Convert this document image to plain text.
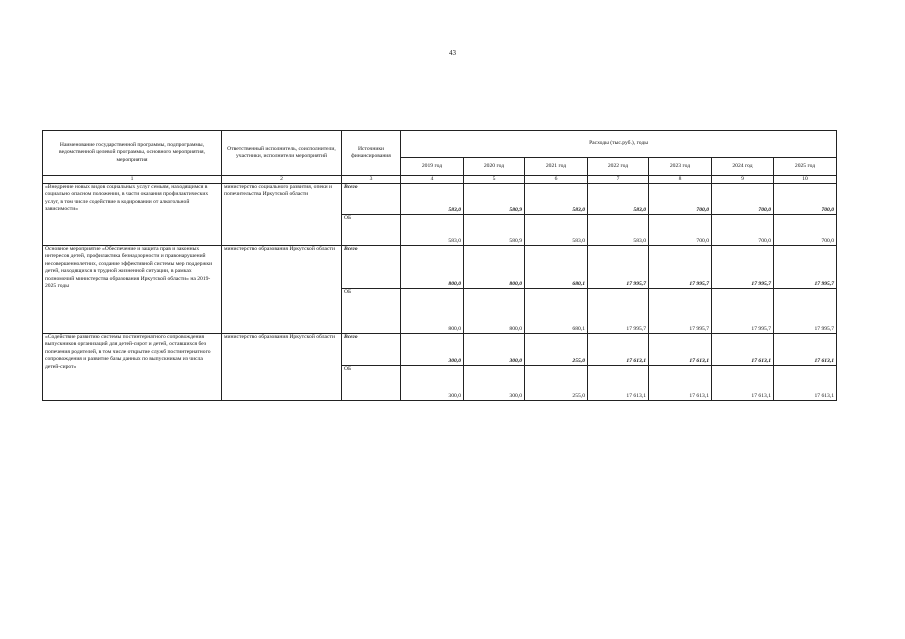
43
Наименование государственной программы, подпрограммы, ведомственной целевой программы, основного мероприятия, мероприятия	Ответственный исполнитель, соисполнители, участники, исполнители мероприятий	Источники финансирования	Расходы (тыс.руб.), годы						
			2019 год	2020 год	2021 год	2022 год	2023 год	2024 год	2025 год
1	2	3	4	5	6	7	8	9	10
«Внедрение новых видов социальных услуг семьям, находящимся в социально опасном положении, в части оказания профилактических услуг, в том числе содействие в кодировании от алкогольной зависимости»	министерство социального развития, опеки и попечительства Иркутской области	Всего	583,0	580,9	583,0	583,0	700,0	700,0	700,0
		ОБ	583,0	580,9	583,0	583,0	700,0	700,0	700,0
Основное мероприятие «Обеспечение и защита прав и законных интересов детей, профилактика безнадзорности и правонарушений несовершеннолетних, создание эффективной системы мер поддержки детей, находящихся в трудной жизненной ситуации, в рамках полномочий министерства образования Иркутской области» на 2019-2025 годы	министерство образования Иркутской области	Всего	800,0	800,0	680,1	17 995,7	17 995,7	17 995,7	17 995,7
		ОБ	800,0	800,0	680,1	17 995,7	17 995,7	17 995,7	17 995,7
«Содействие развитию системы постинтернатного сопровождения выпускников организаций для детей-сирот и детей, оставшихся без попечения родителей, в том числе открытие служб постинтернатного сопровождения и развитие базы данных по выпускникам из числа детей-сирот»	министерство образования Иркутской области	Всего	300,0	300,0	255,0	17 613,1	17 613,1	17 613,1	17 613,1
		ОБ	300,0	300,0	255,0	17 613,1	17 613,1	17 613,1	17 613,1
